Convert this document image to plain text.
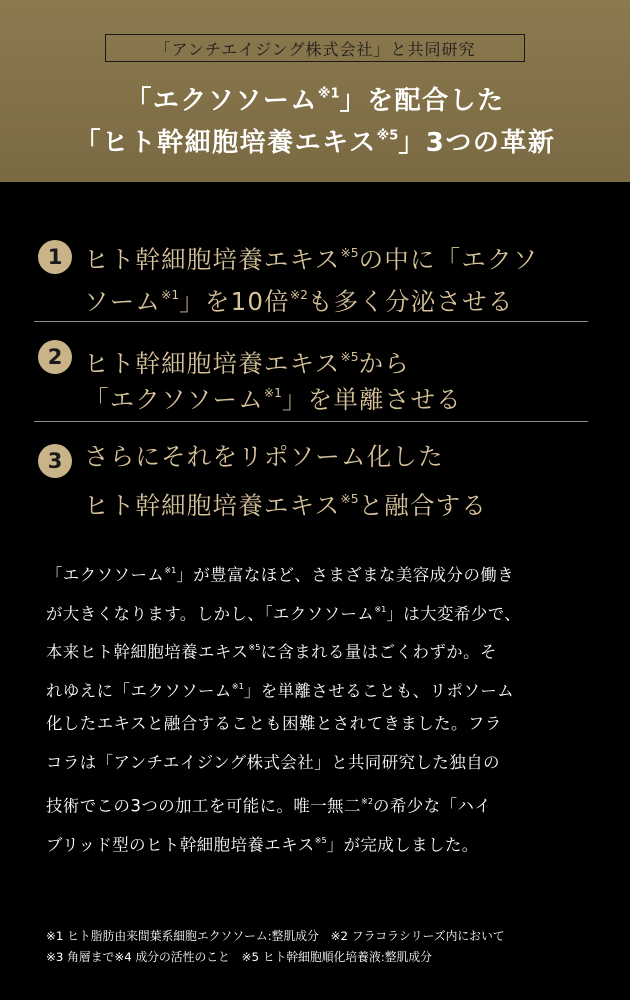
「アンチエイジング株式会社」と共同研究
「エクソソーム$^{※1}$」を配合した
「ヒト幹細胞培養エキス$^{※5}$」3つの革新
1 ヒト幹細胞培養エキス$^{※5}$の中に「エクソ
ソーム$^{※1}$」を10倍$^{※2}$も多く分泌させる
2 ヒト幹細胞培養エキス$^{※5}$から
「エクソソーム$^{※1}$」を単離させる
3 さらにそれをリポソーム化した
ヒト幹細胞培養エキス$^{※5}$と融合する
「エクソソーム$^{※1}$」が豊富なほど、さまざまな美容成分の働き
が大きくなります。しかし、「エクソソーム$^{※1}$」は大変希少で、
本来ヒト幹細胞培養エキス$^{※5}$に含まれる量はごくわずか。そ
れゆえに「エクソソーム$^{※1}$」を単離させることも、リポソーム
化したエキスと融合することも困難とされてきました。フラ
コラは「アンチエイジング株式会社」と共同研究した独自の
技術でこの3つの加工を可能に。唯一無二$^{※2}$の希少な「ハイ
ブリッド型のヒト幹細胞培養エキス$^{※5}$」が完成しました。
※1 ヒト脂肪由来間葉系細胞エクソソーム:整肌成分　※2 フラコラシリーズ内において
※3 角層まで※4 成分の活性のこと　※5 ヒト幹細胞順化培養液:整肌成分
